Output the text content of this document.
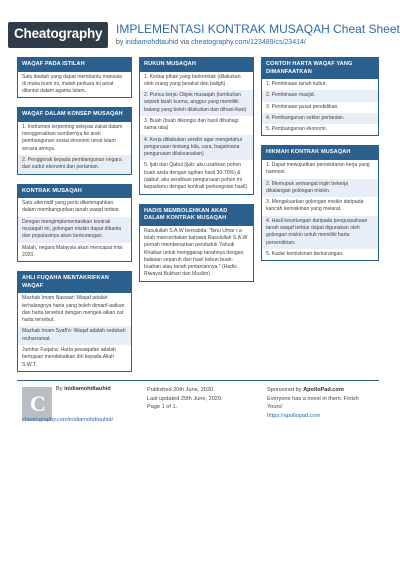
Cheatography IMPLEMENTASI KONTRAK MUSAQAH Cheat Sheet
by inidiamohdtauhid via cheatography.com/123489/cs/23414/
WAQAF PADA ISTILAH
Satu ibadah yang dapat membantu manusia di muka bumi ini, malah perkara ini amat dituntut dalam agama Islam.
WAQAF DALAM KONSEP MUSAQAH
1. Instrumen terpenting selepas zakat dalam menggerakkan sumbernya ke arah pembangunan sosial ekonomi umat islam secara amnya.
2. Penggerak kepada pembangunan negara dari sudut ekonomi dan pertanian.
KONTRAK MUSAQAH
Satu alternatif yang perlu diketengahkan dalam membangunkan tanah waqaf terbiar.
Dengan mengimplementasikan kontrak musaqah ini, golongan miskin dapat dibantu dan populasinya akan berkurangan.
Malah, negara Malaysia akan mencapai misi 2020.
AHLI FUQAHA MENTAKRIFKAN WAQAF
Mazhab Imam Nawawi: Waqaf adalah terhalangnya harta yang boleh dimanf-aatkan dari harta tersebut dengan mengek-alkan zat harta tersebut.
Mazhab Imam Syafi'e: Waqaf adalah sedekah muharramat.
Jumhur Fuqaha: Harta pewaqafan adalah bertujuan mendekatkan diri kepada Allah S.W.T.
RUKUN MUSAQAH
1. Kedua pihak yang berkontrak (dilakukan oleh orang yang berakal dan baligh)
2. Punca kerja: Objek musaqah (tumbuhan seperti buah kurma, anggur yang memiliki batang yang boleh dilakukan dan dihasi-lkan)
3. Buah (buah dikongsi dan hasil dibahagi sama rata)
4. Kerja ditlakukan sendiri agar mengetahui pengurusan tentang bila, cara, bagaimana pengurusan dilaksanakan)
5. Ijab dan Qabul (ijab: aku usahkan pohon buah anda dengan agihan hasil 30-70%) & (qabul: aku serahkan pengurusan pohon ini kepadamu dengan kontrak perkongsian hasil)
HADIS MEMBOLEHKAN AKAD DALAM KONTRAK MUSAQAH
Rasulullah S.A.W bersabda: "Ibnu Umar r.a telah menceritakan bahawa Rasulullah S.A.W pernah membenarkan penduduk Yahudi Khaibar untuk menggarap tanahnya dengan balasan separuh dari hasil kebun buah-buahan atau tanah pertaniannya." (Hadis Riwayat Bukhari dan Muslim)
CONTOH HARTA WAQAF YANG DIMANFAATKAN
1. Pembinaan tanah kubur.
2. Pembinaan masjid.
3. Pembinaan pusat pendidikan.
4. Pembangunan sektor pertanian.
5. Pembangunan ekonomi.
HIKMAH KONTRAK MUSAQAH
1. Dapat mewujudkan persekitaran kerja yang harmoni.
2. Memupuk semangat ingin bekerja dikalangan golongan miskin.
3. Mengeluarkan golongan miskin daripada kancah kemiskinan yang melarat.
4. Hasil keuntungan daripada penguasahaan tanah waqaf terbiar dapat digunakan oleh golongan miskin untuk memiliki harta persendirian.
5. Kadar kemiskinan berkurangan.
C
By inidiamohdtauhid
cheatography.com/inidiamohdtauhid/
Published 20th June, 2020.
Last updated 20th June, 2020.
Page 1 of 1.
Sponsored by ApolloPad.com
Everyone has a novel in them. Finish
Yours!
https://apollopad.com
